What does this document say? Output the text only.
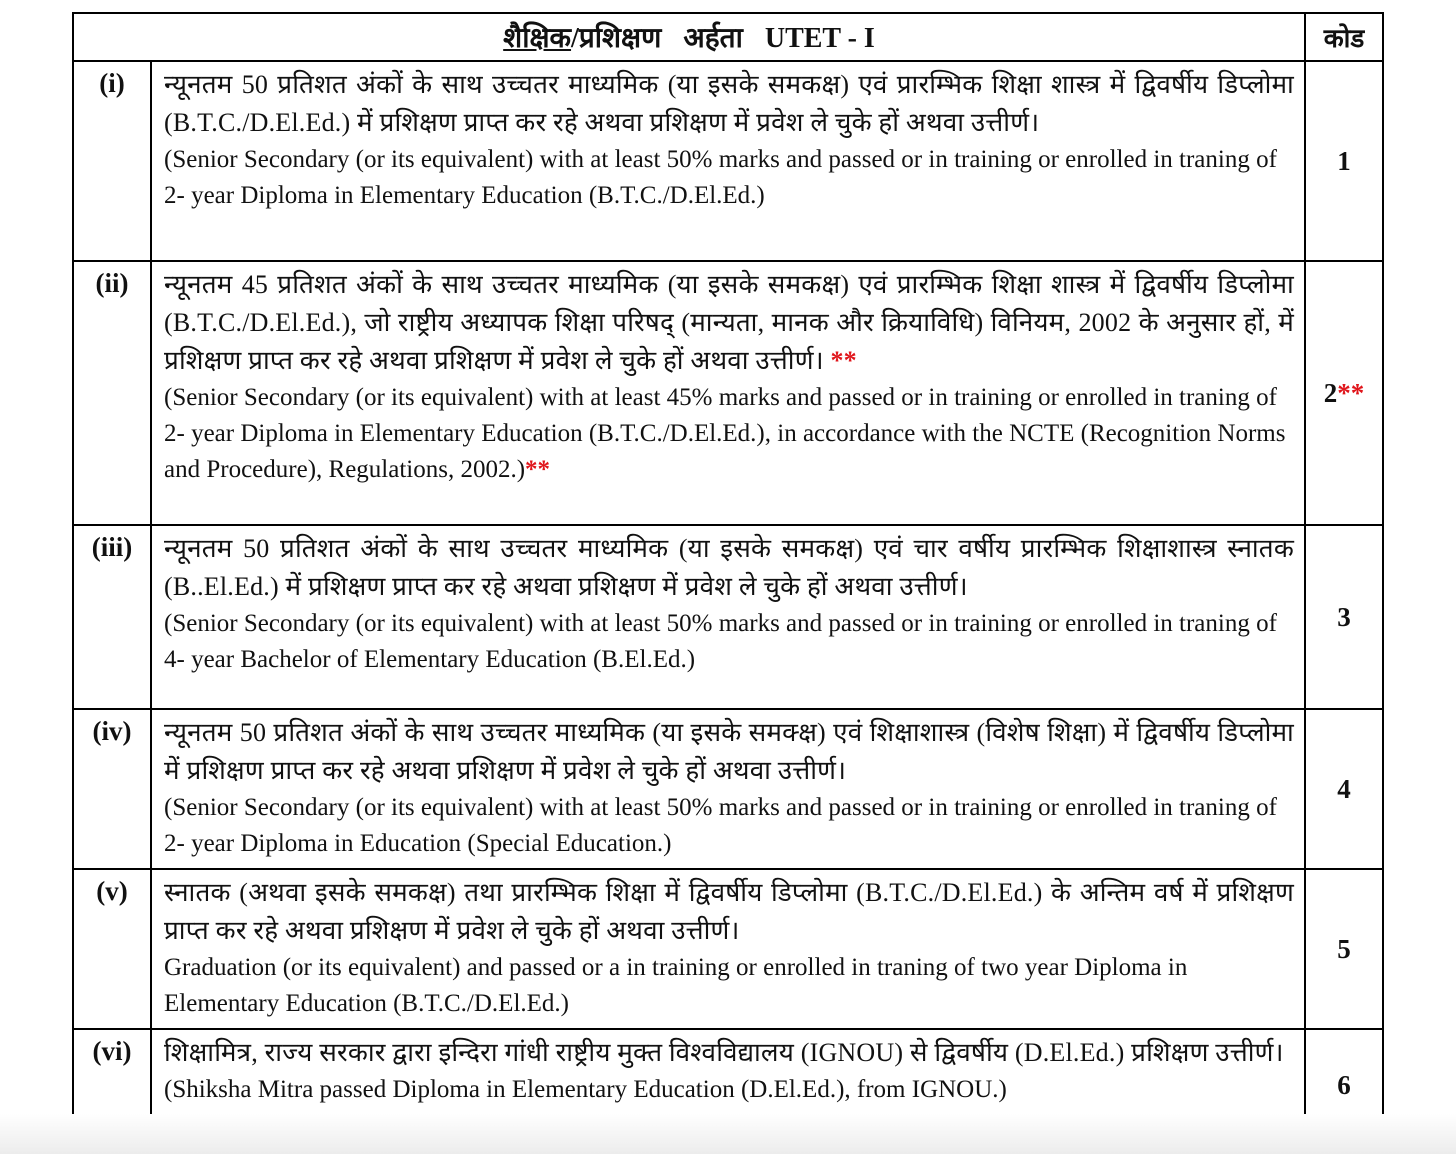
शैक्षिक/प्रशिक्षण अर्हता UTET - I		कोड
(i)	न्यूनतम 50 प्रतिशत अंकों के साथ उच्चतर माध्यमिक (या इसके समकक्ष) एवं प्रारम्भिक शिक्षा शास्त्र में द्विवर्षीय डिप्लोमा (B.T.C./D.El.Ed.) में प्रशिक्षण प्राप्त कर रहे अथवा प्रशिक्षण में प्रवेश ले चुके हों अथवा उत्तीर्ण।
(Senior Secondary (or its equivalent) with at least 50% marks and passed or in training or enrolled in traning of 2- year Diploma in Elementary Education (B.T.C./D.El.Ed.)	1
(ii)	न्यूनतम 45 प्रतिशत अंकों के साथ उच्चतर माध्यमिक (या इसके समकक्ष) एवं प्रारम्भिक शिक्षा शास्त्र में द्विवर्षीय डिप्लोमा (B.T.C./D.El.Ed.), जो राष्ट्रीय अध्यापक शिक्षा परिषद् (मान्यता, मानक और क्रियाविधि) विनियम, 2002 के अनुसार हों, में प्रशिक्षण प्राप्त कर रहे अथवा प्रशिक्षण में प्रवेश ले चुके हों अथवा उत्तीर्ण। **
(Senior Secondary (or its equivalent) with at least 45% marks and passed or in training or enrolled in traning of 2- year Diploma in Elementary Education (B.T.C./D.El.Ed.), in accordance with the NCTE (Recognition Norms and Procedure), Regulations, 2002.)**	2**
(iii)	न्यूनतम 50 प्रतिशत अंकों के साथ उच्चतर माध्यमिक (या इसके समकक्ष) एवं चार वर्षीय प्रारम्भिक शिक्षाशास्त्र स्नातक (B..El.Ed.) में प्रशिक्षण प्राप्त कर रहे अथवा प्रशिक्षण में प्रवेश ले चुके हों अथवा उत्तीर्ण।
(Senior Secondary (or its equivalent) with at least 50% marks and passed or in training or enrolled in traning of 4- year Bachelor of Elementary Education (B.El.Ed.)	3
(iv)	न्यूनतम 50 प्रतिशत अंकों के साथ उच्चतर माध्यमिक (या इसके समक्क्ष) एवं शिक्षाशास्त्र (विशेष शिक्षा) में द्विवर्षीय डिप्लोमा में प्रशिक्षण प्राप्त कर रहे अथवा प्रशिक्षण में प्रवेश ले चुके हों अथवा उत्तीर्ण।
(Senior Secondary (or its equivalent) with at least 50% marks and passed or in training or enrolled in traning of 2- year Diploma in Education (Special Education.)	4
(v)	स्नातक (अथवा इसके समकक्ष) तथा प्रारम्भिक शिक्षा में द्विवर्षीय डिप्लोमा (B.T.C./D.El.Ed.) के अन्तिम वर्ष में प्रशिक्षण प्राप्त कर रहे अथवा प्रशिक्षण में प्रवेश ले चुके हों अथवा उत्तीर्ण।
Graduation (or its equivalent) and passed or a in training or enrolled in traning of two year Diploma in Elementary Education (B.T.C./D.El.Ed.)	5
(vi)	शिक्षामित्र, राज्य सरकार द्वारा इन्दिरा गांधी राष्ट्रीय मुक्त विश्वविद्यालय (IGNOU) से द्विवर्षीय (D.El.Ed.) प्रशिक्षण उत्तीर्ण।
(Shiksha Mitra passed Diploma in Elementary Education (D.El.Ed.), from IGNOU.)	6
